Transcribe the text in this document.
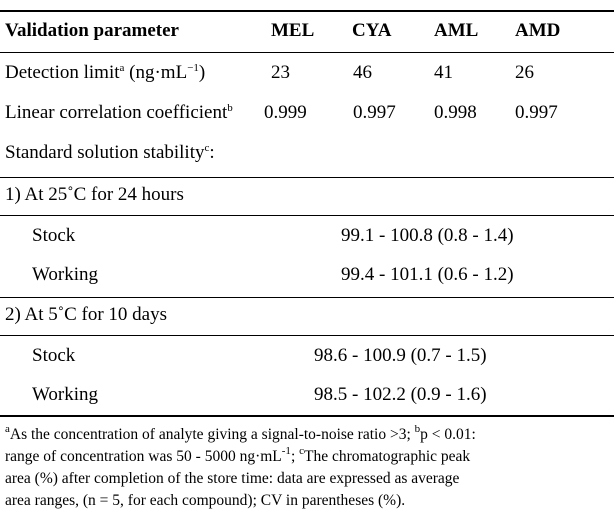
Validation parameter	MEL CYA AML AMD
Detection limit$^a$ $(ng\cdot mL^{-1})$	23	46	41	26
Linear correlation coefficient$^b$ 0.999 0.997 0.998 0.997
Standard solution stability$^c$:
1) At 25˚C for 24 hours
Stock	99.1 - 100.8 (0.8 - 1.4)
Working	99.4 - 101.1 (0.6 - 1.2)
2) At 5˚C for 10 days
Stock	98.6 - 100.9 (0.7 - 1.5)
Working	98.5 - 102.2 (0.9 - 1.6)
$^a$As the concentration of analyte giving a signal-to-noise ratio >3; $^b$p < 0.01:
range of concentration was 50 - 5000 $ng\cdot mL^{-1}$; $^c$The chromatographic peak
area (%) after completion of the store time: data are expressed as average
area ranges, (n = 5, for each compound); CV in parentheses (%).
